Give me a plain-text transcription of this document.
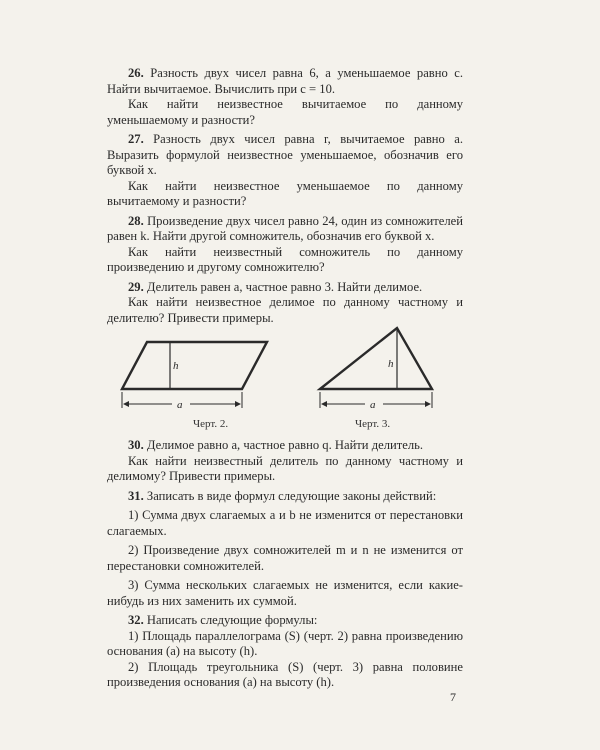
26. Разность двух чисел равна 6, а уменьшаемое равно c. Найти вычитаемое. Вычислить при c = 10.

Как найти неизвестное вычитаемое по данному уменьшаемому и разности?

27. Разность двух чисел равна r, вычитаемое равно a. Выразить формулой неизвестное уменьшаемое, обозначив его буквой x.

Как найти неизвестное уменьшаемое по данному вычитаемому и разности?

28. Произведение двух чисел равно 24, один из сомножителей равен k. Найти другой сомножитель, обозначив его буквой x.

Как найти неизвестный сомножитель по данному произведению и другому сомножителю?

29. Делитель равен a, частное равно 3. Найти делимое.

Как найти неизвестное делимое по данному частному и делителю? Привести примеры.

h
a
h
a
Черт. 2.	Черт. 3.

30. Делимое равно a, частное равно q. Найти делитель.

Как найти неизвестный делитель по данному частному и делимому? Привести примеры.

31. Записать в виде формул следующие законы действий:

1) Сумма двух слагаемых a и b не изменится от перестановки слагаемых.

2) Произведение двух сомножителей m и n не изменится от перестановки сомножителей.

3) Сумма нескольких слагаемых не изменится, если какие-нибудь из них заменить их суммой.

32. Написать следующие формулы:

1) Площадь параллелограма (S) (черт. 2) равна произведению основания (a) на высоту (h).

2) Площадь треугольника (S) (черт. 3) равна половине произведения основания (a) на высоту (h).

7
